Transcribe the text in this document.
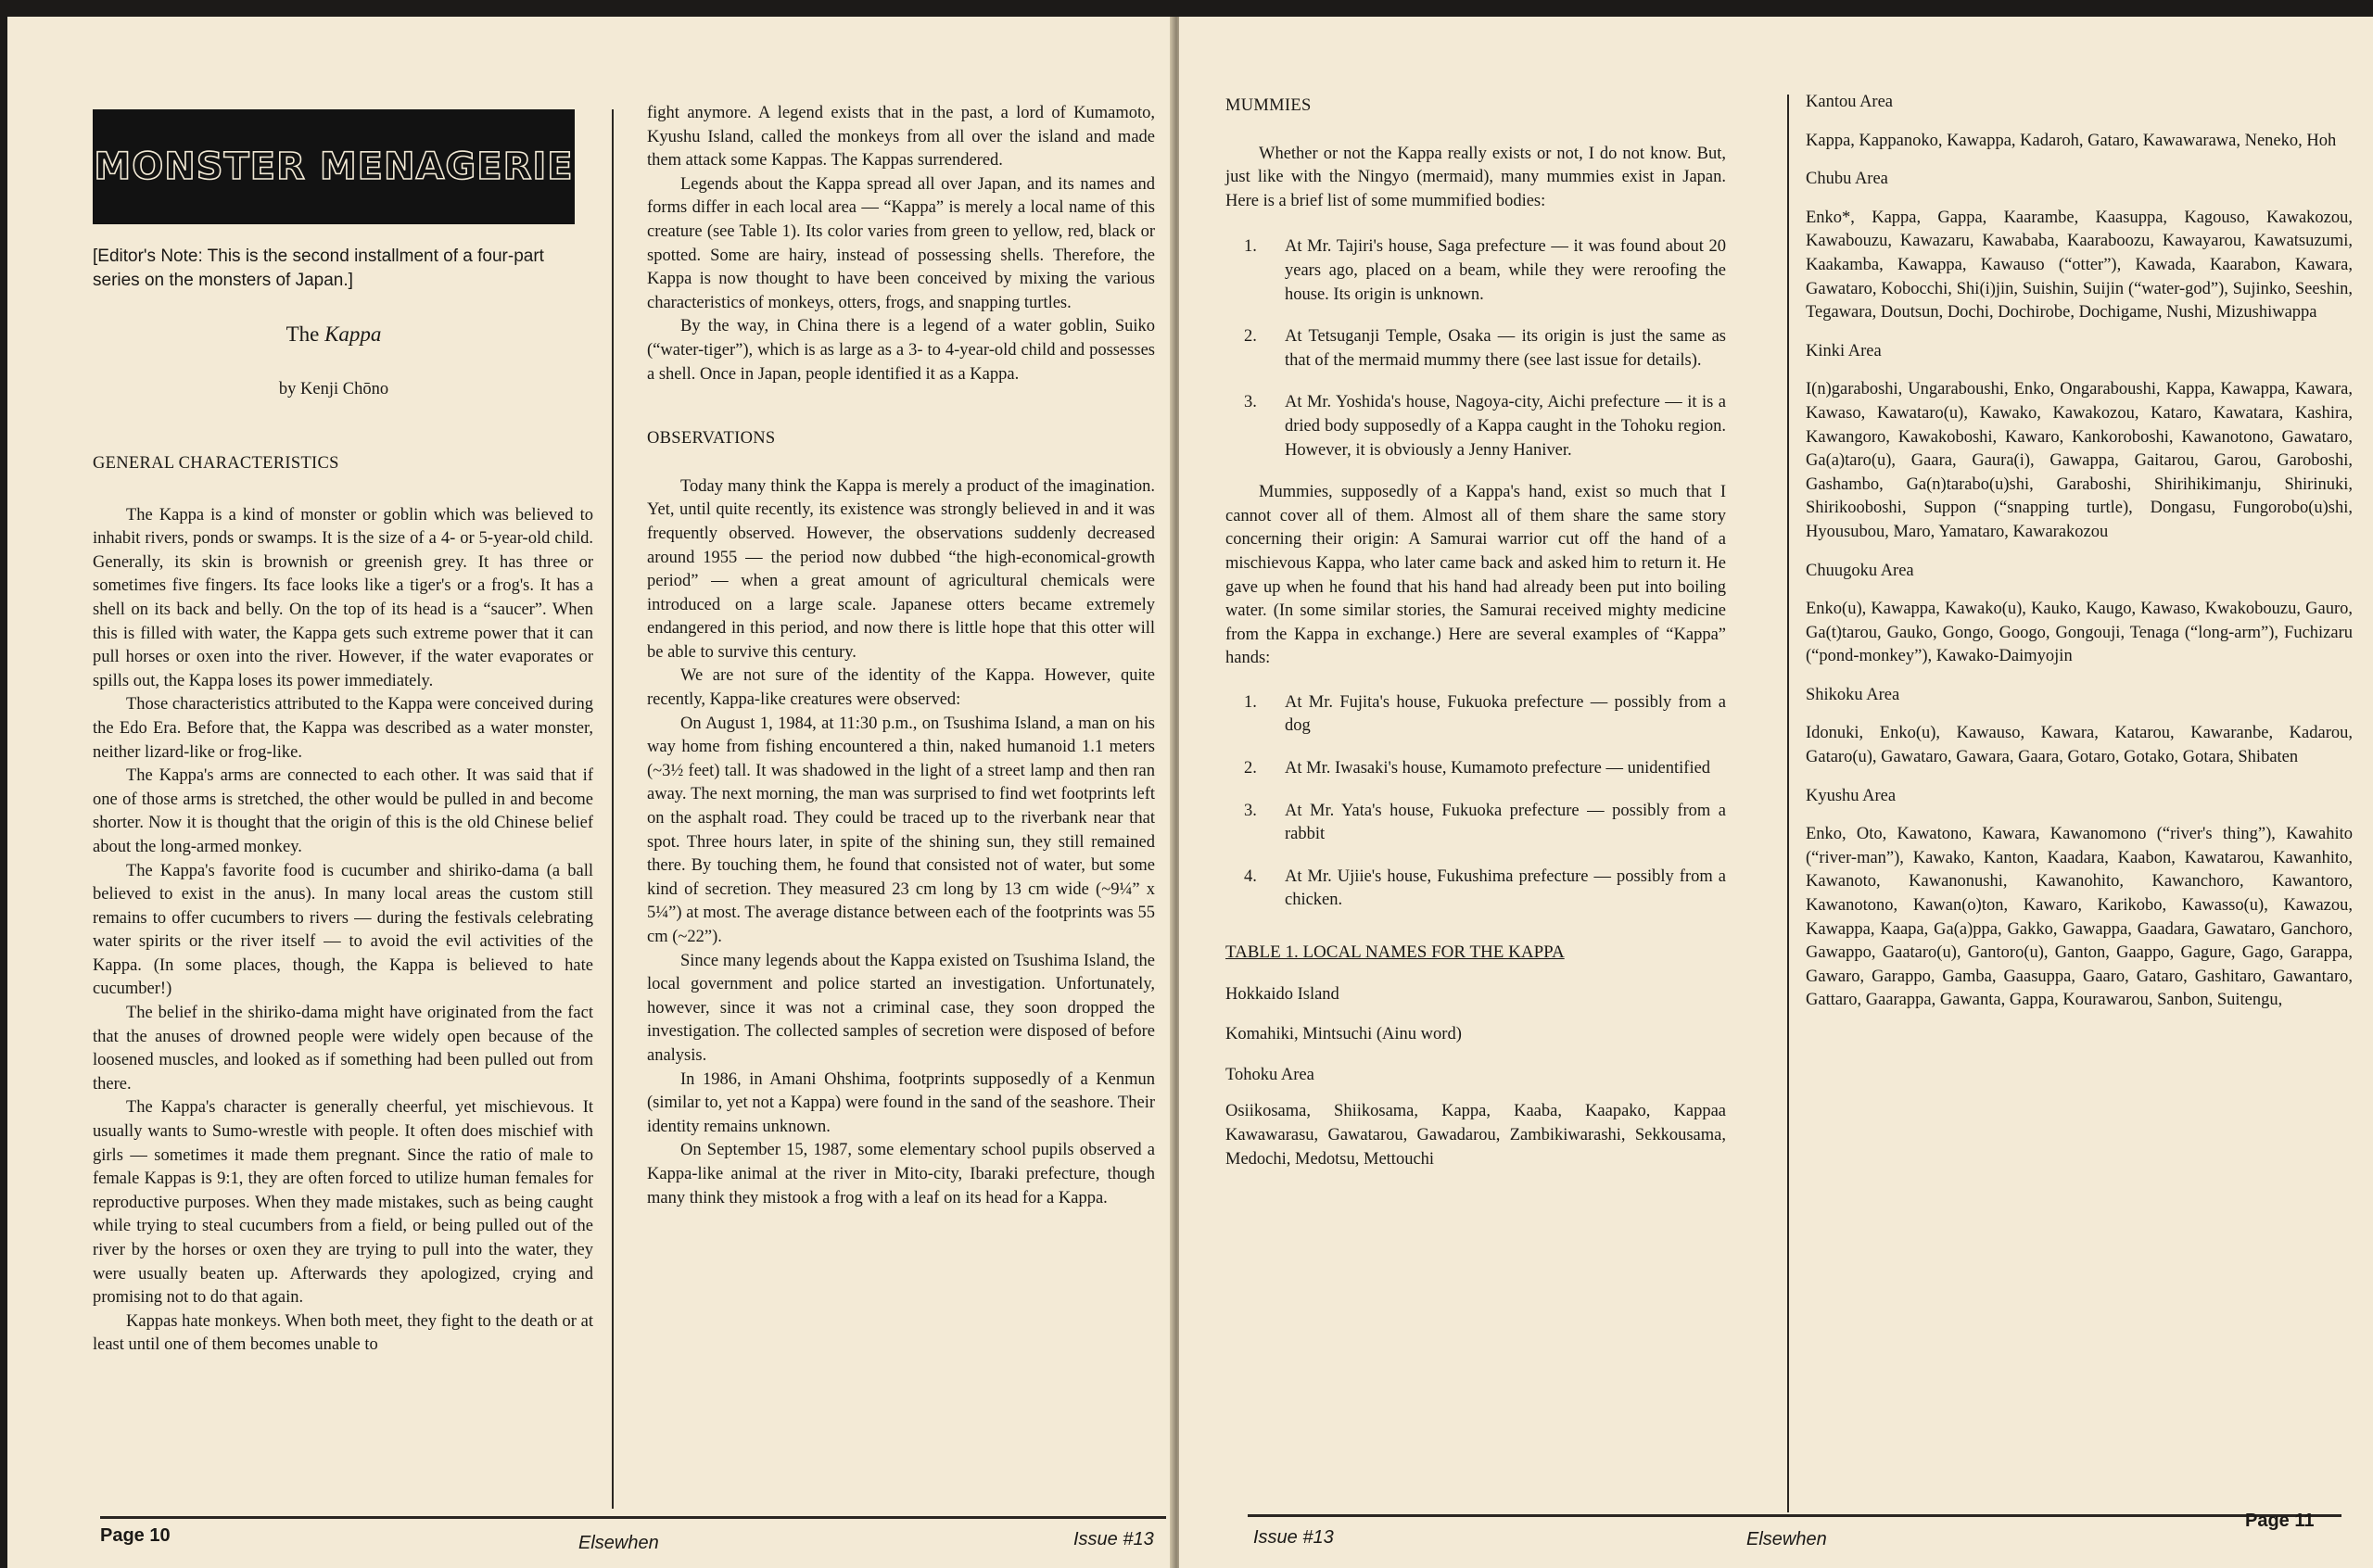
MONSTER MENAGERIE
[Editor's Note: This is the second installment of a four-part series on the monsters of Japan.]
The Kappa
by Kenji Chōno

GENERAL CHARACTERISTICS

The Kappa is a kind of monster or goblin which was believed to inhabit rivers, ponds or swamps. It is the size of a 4- or 5-year-old child. Generally, its skin is brownish or greenish grey. It has three or sometimes five fingers. Its face looks like a tiger's or a frog's. It has a shell on its back and belly. On the top of its head is a “saucer”. When this is filled with water, the Kappa gets such extreme power that it can pull horses or oxen into the river. However, if the water evaporates or spills out, the Kappa loses its power immediately.

Those characteristics attributed to the Kappa were conceived during the Edo Era. Before that, the Kappa was described as a water monster, neither lizard-like or frog-like.

The Kappa's arms are connected to each other. It was said that if one of those arms is stretched, the other would be pulled in and become shorter. Now it is thought that the origin of this is the old Chinese belief about the long-armed monkey.

The Kappa's favorite food is cucumber and shiriko-dama (a ball believed to exist in the anus). In many local areas the custom still remains to offer cucumbers to rivers — during the festivals celebrating water spirits or the river itself — to avoid the evil activities of the Kappa. (In some places, though, the Kappa is believed to hate cucumber!)

The belief in the shiriko-dama might have originated from the fact that the anuses of drowned people were widely open because of the loosened muscles, and looked as if something had been pulled out from there.

The Kappa's character is generally cheerful, yet mischievous. It usually wants to Sumo-wrestle with people. It often does mischief with girls — sometimes it made them pregnant. Since the ratio of male to female Kappas is 9:1, they are often forced to utilize human females for reproductive purposes. When they made mistakes, such as being caught while trying to steal cucumbers from a field, or being pulled out of the river by the horses or oxen they are trying to pull into the water, they were usually beaten up. Afterwards they apologized, crying and promising not to do that again.

Kappas hate monkeys. When both meet, they fight to the death or at least until one of them becomes unable to

fight anymore. A legend exists that in the past, a lord of Kumamoto, Kyushu Island, called the monkeys from all over the island and made them attack some Kappas. The Kappas surrendered.

Legends about the Kappa spread all over Japan, and its names and forms differ in each local area — “Kappa” is merely a local name of this creature (see Table 1). Its color varies from green to yellow, red, black or spotted. Some are hairy, instead of possessing shells. Therefore, the Kappa is now thought to have been conceived by mixing the various characteristics of monkeys, otters, frogs, and snapping turtles.

By the way, in China there is a legend of a water goblin, Suiko (“water-tiger”), which is as large as a 3- to 4-year-old child and possesses a shell. Once in Japan, people identified it as a Kappa.

OBSERVATIONS

Today many think the Kappa is merely a product of the imagination. Yet, until quite recently, its existence was strongly believed in and it was frequently observed. However, the observations suddenly decreased around 1955 — the period now dubbed “the high-economical-growth period” — when a great amount of agricultural chemicals were introduced on a large scale. Japanese otters became extremely endangered in this period, and now there is little hope that this otter will be able to survive this century.

We are not sure of the identity of the Kappa. However, quite recently, Kappa-like creatures were observed:

On August 1, 1984, at 11:30 p.m., on Tsushima Island, a man on his way home from fishing encountered a thin, naked humanoid 1.1 meters (~3½ feet) tall. It was shadowed in the light of a street lamp and then ran away. The next morning, the man was surprised to find wet footprints left on the asphalt road. They could be traced up to the riverbank near that spot. Three hours later, in spite of the shining sun, they still remained there. By touching them, he found that consisted not of water, but some kind of secretion. They measured 23 cm long by 13 cm wide (~9¼” x 5¼”) at most. The average distance between each of the footprints was 55 cm (~22”).

Since many legends about the Kappa existed on Tsushima Island, the local government and police started an investigation. Unfortunately, however, since it was not a criminal case, they soon dropped the investigation. The collected samples of secretion were disposed of before analysis.

In 1986, in Amani Ohshima, footprints supposedly of a Kenmun (similar to, yet not a Kappa) were found in the sand of the seashore. Their identity remains unknown.

On September 15, 1987, some elementary school pupils observed a Kappa-like animal at the river in Mito-city, Ibaraki prefecture, though many think they mistook a frog with a leaf on its head for a Kappa.

Page 10	Elsewhen	Issue #13

MUMMIES

Whether or not the Kappa really exists or not, I do not know. But, just like with the Ningyo (mermaid), many mummies exist in Japan. Here is a brief list of some mummified bodies:

1.	At Mr. Tajiri's house, Saga prefecture — it was found about 20 years ago, placed on a beam, while they were reroofing the house. Its origin is unknown.
2.	At Tetsuganji Temple, Osaka — its origin is just the same as that of the mermaid mummy there (see last issue for details).
3.	At Mr. Yoshida's house, Nagoya-city, Aichi prefecture — it is a dried body supposedly of a Kappa caught in the Tohoku region. However, it is obviously a Jenny Haniver.

Mummies, supposedly of a Kappa's hand, exist so much that I cannot cover all of them. Almost all of them share the same story concerning their origin: A Samurai warrior cut off the hand of a mischievous Kappa, who later came back and asked him to return it. He gave up when he found that his hand had already been put into boiling water. (In some similar stories, the Samurai received mighty medicine from the Kappa in exchange.) Here are several examples of “Kappa” hands:

1.	At Mr. Fujita's house, Fukuoka prefecture — possibly from a dog
2.	At Mr. Iwasaki's house, Kumamoto prefecture — unidentified
3.	At Mr. Yata's house, Fukuoka prefecture — possibly from a rabbit
4.	At Mr. Ujiie's house, Fukushima prefecture — possibly from a chicken.

TABLE 1. LOCAL NAMES FOR THE KAPPA

Hokkaido Island

Komahiki, Mintsuchi (Ainu word)

Tohoku Area

Osiikosama, Shiikosama, Kappa, Kaaba, Kaapako, Kappaa Kawawarasu, Gawatarou, Gawadarou, Zambikiwarashi, Sekkousama, Medochi, Medotsu, Mettouchi

Kantou Area

Kappa, Kappanoko, Kawappa, Kadaroh, Gataro, Kawawarawa, Neneko, Hoh

Chubu Area

Enko*, Kappa, Gappa, Kaarambe, Kaasuppa, Kagouso, Kawakozou, Kawabouzu, Kawazaru, Kawababa, Kaaraboozu, Kawayarou, Kawatsuzumi, Kaakamba, Kawappa, Kawauso (“otter”), Kawada, Kaarabon, Kawara, Gawataro, Kobocchi, Shi(i)jin, Suishin, Suijin (“water-god”), Sujinko, Seeshin, Tegawara, Doutsun, Dochi, Dochirobe, Dochigame, Nushi, Mizushiwappa

Kinki Area

I(n)garaboshi, Ungaraboushi, Enko, Ongaraboushi, Kappa, Kawappa, Kawara, Kawaso, Kawataro(u), Kawako, Kawakozou, Kataro, Kawatara, Kashira, Kawangoro, Kawakoboshi, Kawaro, Kankoroboshi, Kawanotono, Gawataro, Ga(a)taro(u), Gaara, Gaura(i), Gawappa, Gaitarou, Garou, Garoboshi, Gashambo, Ga(n)tarabo(u)shi, Garaboshi, Shirihikimanju, Shirinuki, Shirikooboshi, Suppon (“snapping turtle), Dongasu, Fungorobo(u)shi, Hyousubou, Maro, Yamataro, Kawarakozou

Chuugoku Area

Enko(u), Kawappa, Kawako(u), Kauko, Kaugo, Kawaso, Kwakobouzu, Gauro, Ga(t)tarou, Gauko, Gongo, Googo, Gongouji, Tenaga (“long-arm”), Fuchizaru (“pond-monkey”), Kawako-Daimyojin

Shikoku Area

Idonuki, Enko(u), Kawauso, Kawara, Katarou, Kawaranbe, Kadarou, Gataro(u), Gawataro, Gawara, Gaara, Gotaro, Gotako, Gotara, Shibaten

Kyushu Area

Enko, Oto, Kawatono, Kawara, Kawanomono (“river's thing”), Kawahito (“river-man”), Kawako, Kanton, Kaadara, Kaabon, Kawatarou, Kawanhito, Kawanoto, Kawanonushi, Kawanohito, Kawanchoro, Kawantoro, Kawanotono, Kawan(o)ton, Kawaro, Karikobo, Kawasso(u), Kawazou, Kawappa, Kaapa, Ga(a)ppa, Gakko, Gawappa, Gaadara, Gawataro, Ganchoro, Gawappo, Gaataro(u), Gantoro(u), Ganton, Gaappo, Gagure, Gago, Garappa, Gawaro, Garappo, Gamba, Gaasuppa, Gaaro, Gataro, Gashitaro, Gawantaro, Gattaro, Gaarappa, Gawanta, Gappa, Kourawarou, Sanbon, Suitengu,

Issue #13	Elsewhen
Page 11
